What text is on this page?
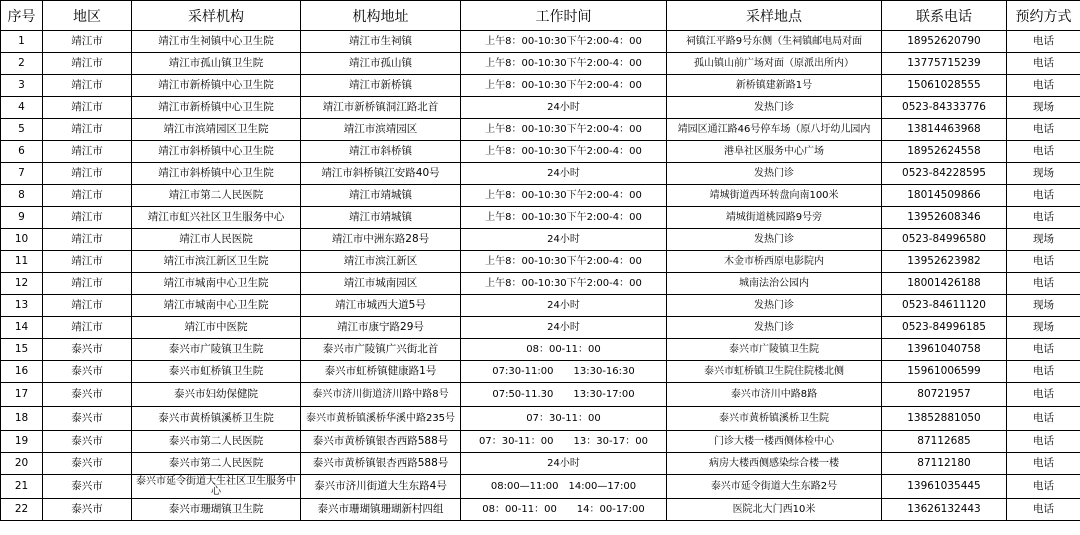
序号	地区	采样机构	机构地址	工作时间	采样地点	联系电话	预约方式
1	靖江市	靖江市生祠镇中心卫生院	靖江市生祠镇	上午8：00-10:30下午2:00-4：00	祠镇江平路9号东侧（生祠镇邮电局对面	18952620790	电话
2	靖江市	靖江市孤山镇卫生院	靖江市孤山镇	上午8：00-10:30下午2:00-4：00	孤山镇山前广场对面（原派出所内）	13775715239	电话
3	靖江市	靖江市新桥镇中心卫生院	靖江市新桥镇	上午8：00-10:30下午2:00-4：00	新桥镇建新路1号	15061028555	电话
4	靖江市	靖江市新桥镇中心卫生院	靖江市新桥镇洞江路北首	24小时	发热门诊	0523-84333776	现场
5	靖江市	靖江市滨靖园区卫生院	靖江市滨靖园区	上午8：00-10:30下午2:00-4：00	靖园区通江路46号停车场（原八圩幼儿园内	13814463968	电话
6	靖江市	靖江市斜桥镇中心卫生院	靖江市斜桥镇	上午8：00-10:30下午2:00-4：00	港阜社区服务中心广场	18952624558	电话
7	靖江市	靖江市斜桥镇中心卫生院	靖江市斜桥镇江安路40号	24小时	发热门诊	0523-84228595	现场
8	靖江市	靖江市第二人民医院	靖江市靖城镇	上午8：00-10:30下午2:00-4：00	靖城街道西环转盘向南100米	18014509866	电话
9	靖江市	靖江市虹兴社区卫生服务中心	靖江市靖城镇	上午8：00-10:30下午2:00-4：00	靖城街道桃园路9号旁	13952608346	电话
10	靖江市	靖江市人民医院	靖江市中洲东路28号	24小时	发热门诊	0523-84996580	现场
11	靖江市	靖江市滨江新区卫生院	靖江市滨江新区	上午8：00-10:30下午2:00-4：00	木金市桥西原电影院内	13952623982	电话
12	靖江市	靖江市城南中心卫生院	靖江市城南园区	上午8：00-10:30下午2:00-4：00	城南法治公园内	18001426188	电话
13	靖江市	靖江市城南中心卫生院	靖江市城西大道5号	24小时	发热门诊	0523-84611120	现场
14	靖江市	靖江市中医院	靖江市康宁路29号	24小时	发热门诊	0523-84996185	现场
15	泰兴市	泰兴市广陵镇卫生院	泰兴市广陵镇广兴街北首	08：00-11：00	泰兴市广陵镇卫生院	13961040758	电话
16	泰兴市	泰兴市虹桥镇卫生院	泰兴市虹桥镇健康路1号	07:30-11:00　　13:30-16:30	泰兴市虹桥镇卫生院住院楼北侧	15961006599	电话
17	泰兴市	泰兴市妇幼保健院	泰兴市济川街道济川路中路8号	07:50-11.30　　13:30-17:00	泰兴市济川中路8路	80721957	电话
18	泰兴市	泰兴市黄桥镇溪桥卫生院	泰兴市黄桥镇溪桥华溪中路235号	07：30-11：00	泰兴市黄桥镇溪桥卫生院	13852881050	电话
19	泰兴市	泰兴市第二人民医院	泰兴市黄桥镇银杏西路588号	07：30-11：00　　13：30-17：00	门诊大楼一楼西侧体检中心	87112685	电话
20	泰兴市	泰兴市第二人民医院	泰兴市黄桥镇银杏西路588号	24小时	病房大楼西侧感染综合楼一楼	87112180	电话
21	泰兴市	泰兴市延令街道大生社区卫生服务中心	泰兴市济川街道大生东路4号	08:00—11:00　14:00—17:00	泰兴市延令街道大生东路2号	13961035445	电话
22	泰兴市	泰兴市珊瑚镇卫生院	泰兴市珊瑚镇珊瑚新村四组	08：00-11：00　　14：00-17:00	医院北大门西10米	13626132443	电话
